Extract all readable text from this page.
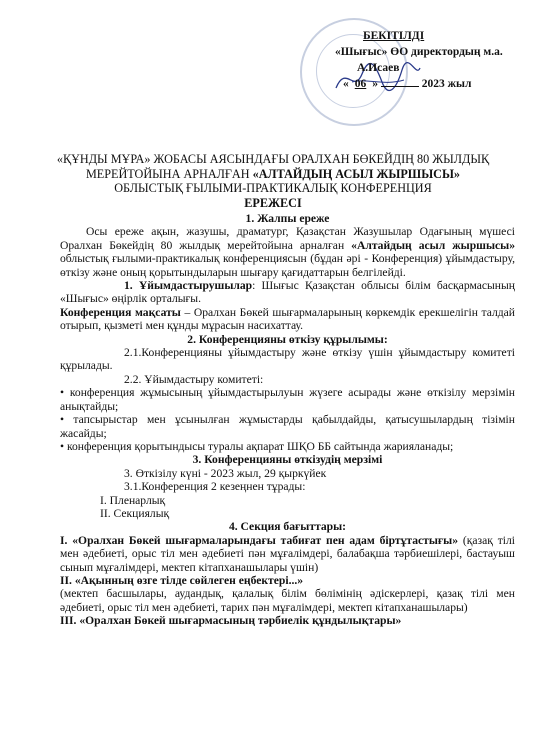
БЕКІТІЛДІ
«Шығыс» ӨО директордың м.а.
А.Исаев
« 06 »	2023 жыл
«ҚҰНДЫ МҰРА» ЖОБАСЫ АЯСЫНДАҒЫ ОРАЛХАН БӨКЕЙДІҢ 80 ЖЫЛДЫҚ
МЕРЕЙТОЙЫНА АРНАЛҒАН «АЛТАЙДЫҢ АСЫЛ ЖЫРШЫСЫ»
ОБЛЫСТЫҚ ҒЫЛЫМИ-ПРАКТИКАЛЫҚ КОНФЕРЕНЦИЯ
ЕРЕЖЕСІ

1. Жалпы ереже

Осы ереже ақын, жазушы, драматург, Қазақстан Жазушылар Одағының мүшесі Оралхан Бөкейдің 80 жылдық мерейтойына арналған «Алтайдың асыл жыршысы» облыстық ғылыми-практикалық конференциясын (бұдан әрі - Конференция) ұйымдастыру, өткізу және оның қорытындыларын шығару қағидаттарын белгілейді.

1. Ұйымдастырушылар: Шығыс Қазақстан облысы білім басқармасының «Шығыс» өңірлік орталығы.

Конференция мақсаты – Оралхан Бөкей шығармаларының көркемдік ерекшелігін талдай отырып, қызметі мен құнды мұрасын насихаттау.

2. Конференцияны өткізу құрылымы:

2.1.Конференцияны ұйымдастыру және өткізу үшін ұйымдастыру комитеті құрылады.

2.2. Ұйымдастыру комитеті:

• конференция жұмысының ұйымдастырылуын жүзеге асырады және өткізілу мерзімін анықтайды;

• тапсырыстар мен ұсынылған жұмыстарды қабылдайды, қатысушылардың тізімін жасайды;

• конференция қорытындысы туралы ақпарат ШҚО ББ сайтында жарияланады;

3. Конференцияны өткізудің мерзімі

3. Өткізілу күні - 2023 жыл, 29 қыркүйек

3.1.Конференция 2 кезеңнен тұрады:

I. Пленарлық

II. Секциялық

4. Секция бағыттары:

I. «Оралхан Бөкей шығармаларындағы табиғат пен адам біртұтастығы» (қазақ тілі мен әдебиеті, орыс тіл мен әдебиеті пән мұғалімдері, балабақша тәрбиешілері, бастауыш сынып мұғалімдері, мектеп кітапханашылары үшін)

ІІ. «Ақынның өзге тілде сөйлеген еңбектері...»

(мектеп басшылары, аудандық, қалалық білім бөлімінің әдіскерлері, қазақ тілі мен әдебиеті, орыс тіл мен әдебиеті, тарих пән мұғалімдері, мектеп кітапханашылары)

ІІІ. «Оралхан Бөкей шығармасының тәрбиелік құндылықтары»
